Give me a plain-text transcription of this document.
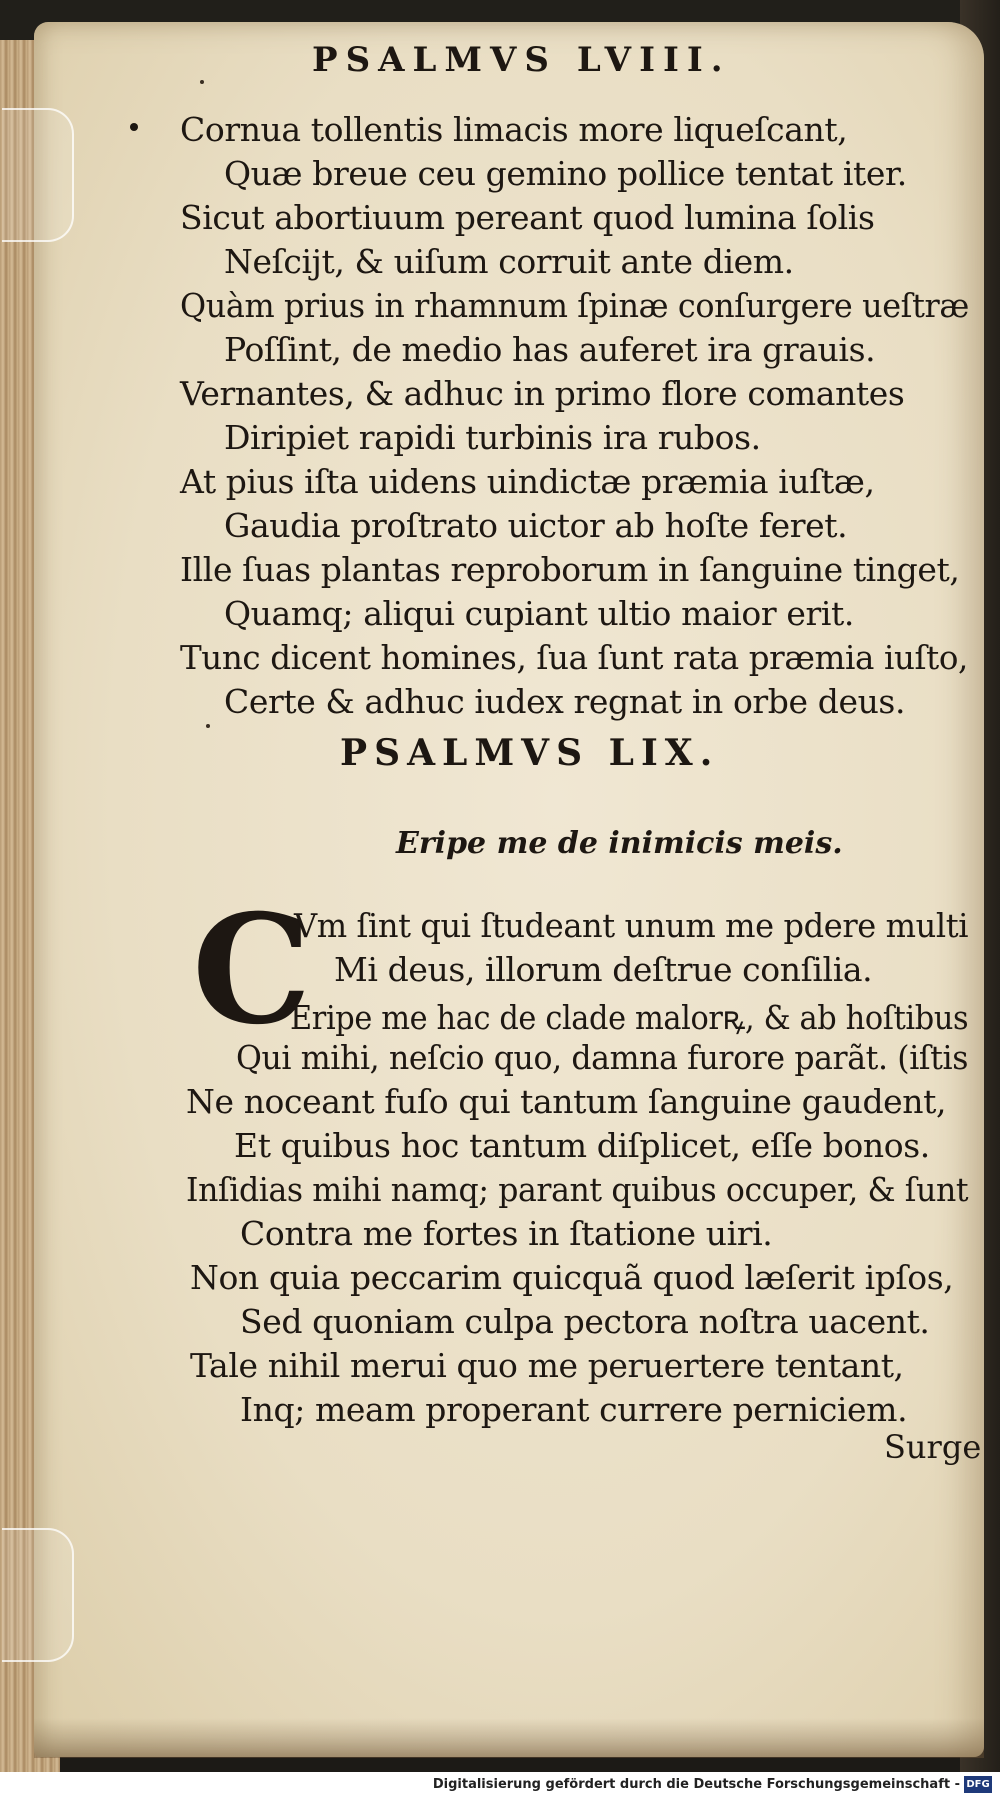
PSALMVS LVIII.
Cornua tollentis limacis more liqueſcant,
Quæ breue ceu gemino pollice tentat iter.
Sicut abortiuum pereant quod lumina ſolis
Neſcijt, & uiſum corruit ante diem.
Quàm prius in rhamnum ſpinæ conſurgere ueſtræ
Poſſint, de medio has auferet ira grauis.
Vernantes, & adhuc in primo flore comantes
Diripiet rapidi turbinis ira rubos.
At pius iſta uidens uindictæ præmia iuſtæ,
Gaudia proſtrato uictor ab hoſte feret.
Ille ſuas plantas reproborum in ſanguine tinget,
Quamq; aliqui cupiant ultio maior erit.
Tunc dicent homines, ſua ſunt rata præmia iuſto,
Certe & adhuc iudex regnat in orbe deus.
PSALMVS LIX.
Eripe me de inimicis meis.
C
Vm ſint qui ſtudeant unum me pdere multi
Mi deus, illorum deſtrue conſilia.
Eripe me hac de clade malorꝶ, & ab hoſtibus
Qui mihi, neſcio quo, damna furore parãt. (iſtis
Ne noceant fuſo qui tantum ſanguine gaudent,
Et quibus hoc tantum diſplicet, eſſe bonos.
Inſidias mihi namq; parant quibus occuper, & ſunt
Contra me fortes in ſtatione uiri.
Non quia peccarim quicquã quod læſerit ipſos,
Sed quoniam culpa pectora noſtra uacent.
Tale nihil merui quo me peruertere tentant,
Inq; meam properant currere perniciem.
Surge
Digitalisierung gefördert durch die Deutsche Forschungsgemeinschaft - DFG
